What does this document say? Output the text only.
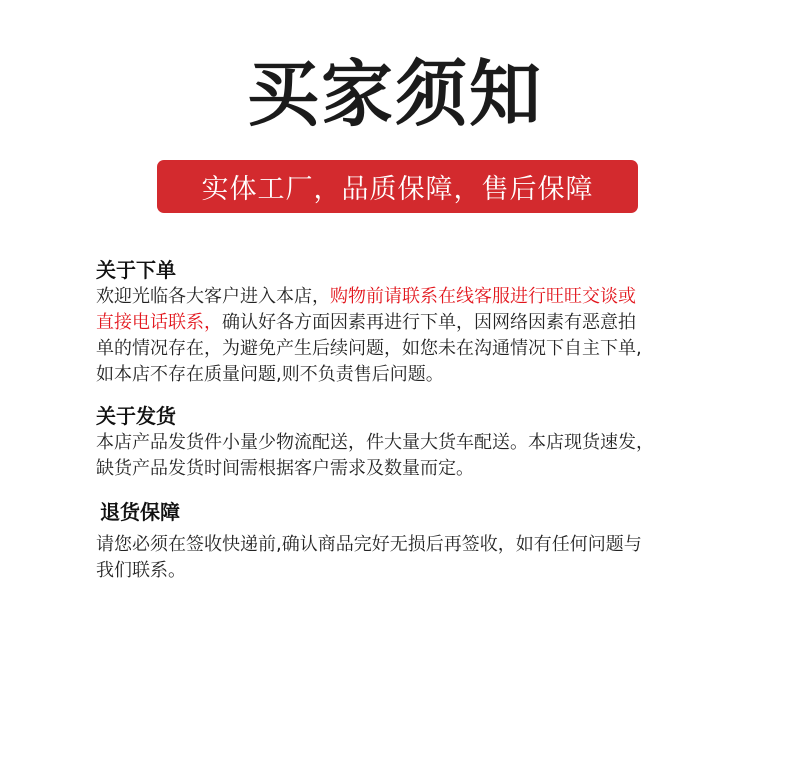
买家须知
实体工厂，品质保障，售后保障
关于下单
欢迎光临各大客户进入本店，购物前请联系在线客服进行旺旺交谈或
直接电话联系，确认好各方面因素再进行下单，因网络因素有恶意拍
单的情况存在，为避免产生后续问题，如您未在沟通情况下自主下单,
如本店不存在质量问题,则不负责售后问题。
关于发货
本店产品发货件小量少物流配送，件大量大货车配送。本店现货速发，
缺货产品发货时间需根据客户需求及数量而定。
退货保障
请您必须在签收快递前,确认商品完好无损后再签收，如有任何问题与
我们联系。
